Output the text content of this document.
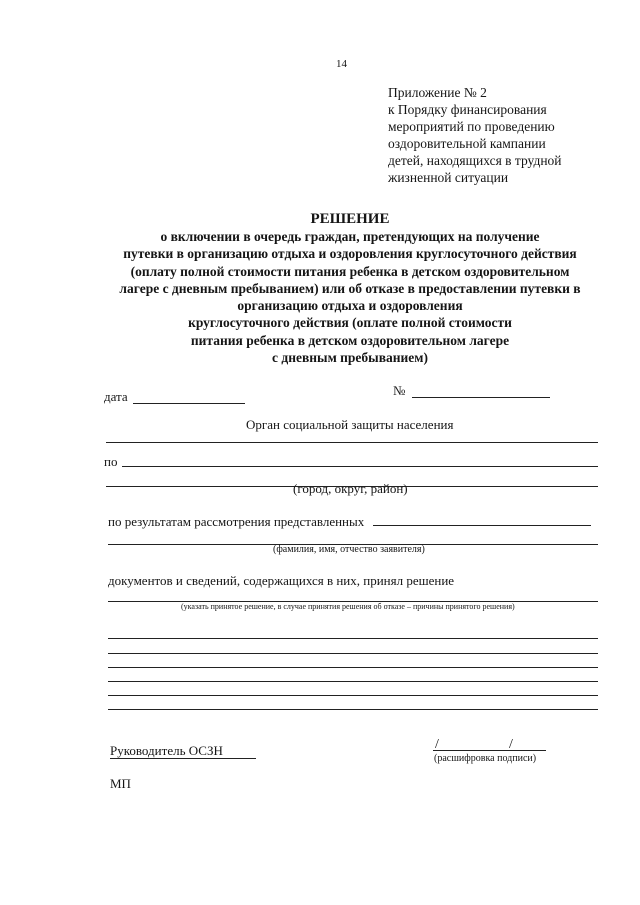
14
Приложение № 2
к Порядку финансирования
мероприятий по проведению
оздоровительной кампании
детей, находящихся в трудной
жизненной ситуации
РЕШЕНИЕ
о включении в очередь граждан, претендующих на получение
путевки в организацию отдыха и оздоровления круглосуточного действия
(оплату полной стоимости питания ребенка в детском оздоровительном
лагере с дневным пребыванием) или об отказе в предоставлении путевки в
организацию отдыха и оздоровления
круглосуточного действия (оплате полной стоимости
питания ребенка в детском оздоровительном лагере
с дневным пребыванием)
дата	№
Орган социальной защиты населения
по
(город, округ, район)
по результатам рассмотрения представленных
(фамилия, имя, отчество заявителя)
документов и сведений, содержащихся в них, принял решение
(указать принятое решение, в случае принятия решения об отказе – причины принятого решения)
Руководитель ОСЗН	/	/
(расшифровка подписи)
МП
